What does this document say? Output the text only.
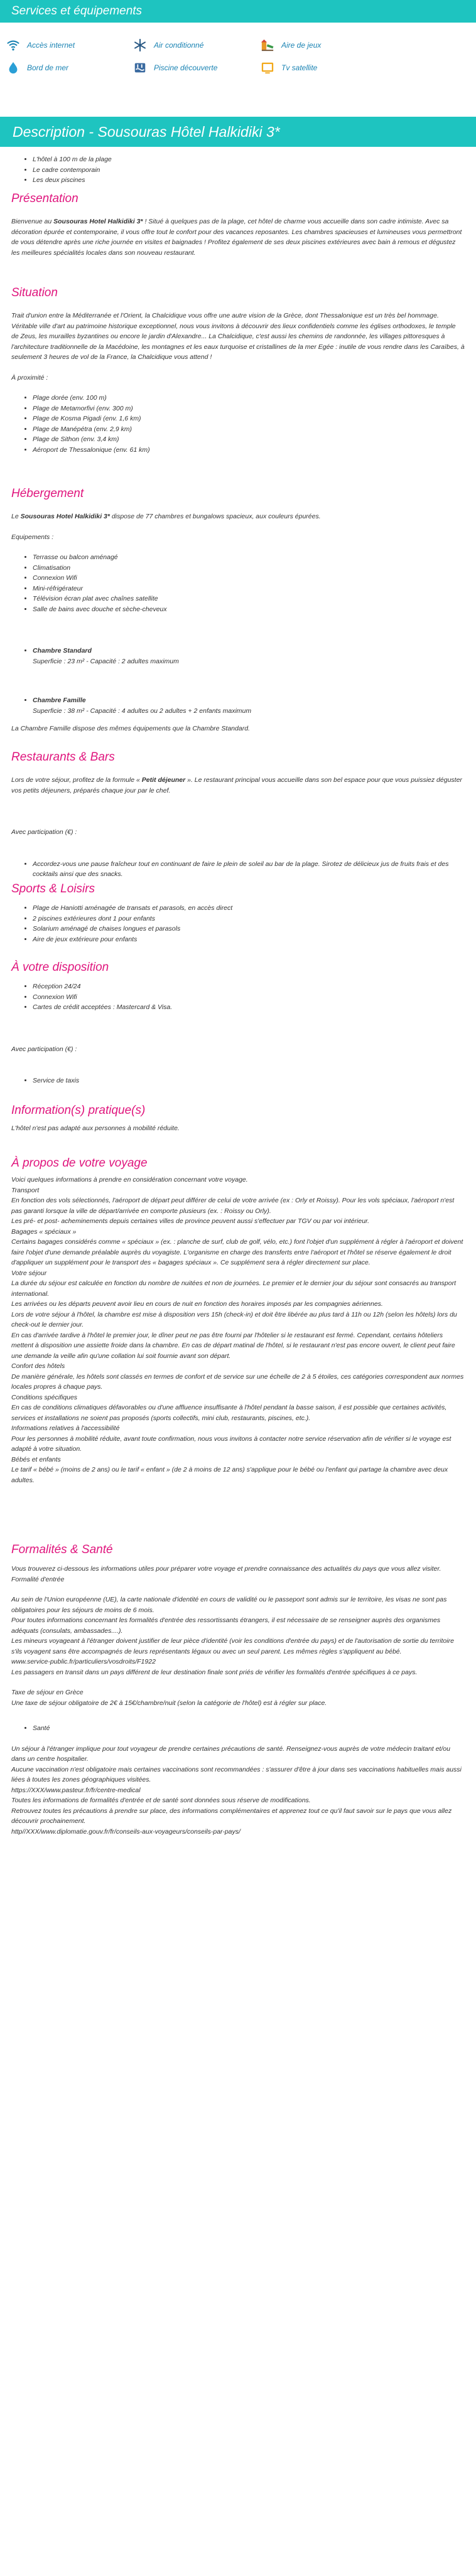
Services et équipements
Accès internet	Air conditionné	Aire de jeux
Bord de mer	Piscine découverte	Tv satellite
Description - Sousouras Hôtel Halkidiki 3*
• L'hôtel à 100 m de la plage
• Le cadre contemporain
• Les deux piscines
Présentation

Bienvenue au Sousouras Hotel Halkidiki 3* ! Situé à quelques pas de la plage, cet hôtel de charme vous accueille dans son cadre intimiste. Avec sa décoration épurée et contemporaine, il vous offre tout le confort pour des vacances reposantes. Les chambres spacieuses et lumineuses vous permettront de vous détendre après une riche journée en visites et baignades ! Profitez également de ses deux piscines extérieures avec bain à remous et dégustez les meilleures spécialités locales dans son nouveau restaurant.

Situation

Trait d'union entre la Méditerranée et l'Orient, la Chalcidique vous offre une autre vision de la Grèce, dont Thessalonique est un très bel hommage. Véritable ville d'art au patrimoine historique exceptionnel, nous vous invitons à découvrir des lieux confidentiels comme les églises orthodoxes, le temple de Zeus, les murailles byzantines ou encore le jardin d'Alexandre... La Chalcidique, c'est aussi les chemins de randonnée, les villages pittoresques à l'architecture traditionnelle de la Macédoine, les montagnes et les eaux turquoise et cristallines de la mer Egée : inutile de vous rendre dans les Caraïbes, à seulement 3 heures de vol de la France, la Chalcidique vous attend !

À proximité :

• Plage dorée (env. 100 m)
• Plage de Metamorfivi (env. 300 m)
• Plage de Kosma Pigadi (env. 1,6 km)
• Plage de Manépétra (env. 2,9 km)
• Plage de Sithon (env. 3,4 km)
• Aéroport de Thessalonique (env. 61 km)
Hébergement

Le Sousouras Hotel Halkidiki 3* dispose de 77 chambres et bungalows spacieux, aux couleurs épurées.

Equipements :

• Terrasse ou balcon aménagé
• Climatisation
• Connexion Wifi
• Mini-réfrigérateur
• Télévision écran plat avec chaînes satellite
• Salle de bains avec douche et sèche-cheveux
• Chambre Standard

Superficie : 23 m² - Capacité : 2 adultes maximum

• Chambre Famille

Superficie : 38 m² - Capacité : 4 adultes ou 2 adultes + 2 enfants maximum

La Chambre Famille dispose des mêmes équipements que la Chambre Standard.

Restaurants & Bars

Lors de votre séjour, profitez de la formule « Petit déjeuner ». Le restaurant principal vous accueille dans son bel espace pour que vous puissiez déguster vos petits déjeuners, préparés chaque jour par le chef.

Avec participation (€) :

• Accordez-vous une pause fraîcheur tout en continuant de faire le plein de soleil au bar de la plage. Sirotez de délicieux jus de fruits frais et des cocktails ainsi que des snacks.
Sports & Loisirs
• Plage de Haniotti aménagée de transats et parasols, en accès direct
• 2 piscines extérieures dont 1 pour enfants
• Solarium aménagé de chaises longues et parasols
• Aire de jeux extérieure pour enfants
À votre disposition
• Réception 24/24
• Connexion Wifi
• Cartes de crédit acceptées : Mastercard & Visa.

Avec participation (€) :

• Service de taxis
Information(s) pratique(s)

L'hôtel n'est pas adapté aux personnes à mobilité réduite.

À propos de votre voyage

Voici quelques informations à prendre en considération concernant votre voyage.

Transport

En fonction des vols sélectionnés, l'aéroport de départ peut différer de celui de votre arrivée (ex : Orly et Roissy). Pour les vols spéciaux, l'aéroport n'est pas garanti lorsque la ville de départ/arrivée en comporte plusieurs (ex. : Roissy ou Orly).

Les pré- et post- acheminements depuis certaines villes de province peuvent aussi s'effectuer par TGV ou par voi intérieur.

Bagages « spéciaux »

Certains bagages considérés comme « spéciaux » (ex. : planche de surf, club de golf, vélo, etc.) font l'objet d'un supplément à régler à l'aéroport et doivent faire l'objet d'une demande préalable auprès du voyagiste. L'organisme en charge des transferts entre l'aéroport et l'hôtel se réserve également le droit d'appliquer un supplément pour le transport des « bagages spéciaux ». Ce supplément sera à régler directement sur place.

Votre séjour

La durée du séjour est calculée en fonction du nombre de nuitées et non de journées. Le premier et le dernier jour du séjour sont consacrés au transport international.

Les arrivées ou les départs peuvent avoir lieu en cours de nuit en fonction des horaires imposés par les compagnies aériennes.

Lors de votre séjour à l'hôtel, la chambre est mise à disposition vers 15h (check-in) et doit être libérée au plus tard à 11h ou 12h (selon les hôtels) lors du check-out le dernier jour.

En cas d'arrivée tardive à l'hôtel le premier jour, le dîner peut ne pas être fourni par l'hôtelier si le restaurant est fermé. Cependant, certains hôteliers mettent à disposition une assiette froide dans la chambre. En cas de départ matinal de l'hôtel, si le restaurant n'est pas encore ouvert, le client peut faire une demande la veille afin qu'une collation lui soit fournie avant son départ.

Confort des hôtels

De manière générale, les hôtels sont classés en termes de confort et de service sur une échelle de 2 à 5 étoiles, ces catégories correspondent aux normes locales propres à chaque pays.

Conditions spécifiques

En cas de conditions climatiques défavorables ou d'une affluence insuffisante à l'hôtel pendant la basse saison, il est possible que certaines activités, services et installations ne soient pas proposés (sports collectifs, mini club, restaurants, piscines, etc.).

Informations relatives à l'accessibilité

Pour les personnes à mobilité réduite, avant toute confirmation, nous vous invitons à contacter notre service réservation afin de vérifier si le voyage est adapté à votre situation.

Bébés et enfants

Le tarif « bébé » (moins de 2 ans) ou le tarif « enfant » (de 2 à moins de 12 ans) s'applique pour le bébé ou l'enfant qui partage la chambre avec deux adultes.

Formalités & Santé

Vous trouverez ci-dessous les informations utiles pour préparer votre voyage et prendre connaissance des actualités du pays que vous allez visiter.

Formalité d'entrée

Au sein de l'Union européenne (UE), la carte nationale d'identité en cours de validité ou le passeport sont admis sur le territoire, les visas ne sont pas obligatoires pour les séjours de moins de 6 mois.

Pour toutes informations concernant les formalités d'entrée des ressortissants étrangers, il est nécessaire de se renseigner auprès des organismes adéquats (consulats, ambassades....).

Les mineurs voyageant à l'étranger doivent justifier de leur pièce d'identité (voir les conditions d'entrée du pays) et de l'autorisation de sortie du territoire s'ils voyagent sans être accompagnés de leurs représentants légaux ou avec un seul parent. Les mêmes règles s'appliquent au bébé.

www.service-public.fr/particuliers/vosdroits/F1922

Les passagers en transit dans un pays différent de leur destination finale sont priés de vérifier les formalités d'entrée spécifiques à ce pays.

Taxe de séjour en Grèce

Une taxe de séjour obligatoire de 2€ à 15€/chambre/nuit (selon la catégorie de l'hôtel) est à régler sur place.

• Santé

Un séjour à l'étranger implique pour tout voyageur de prendre certaines précautions de santé. Renseignez-vous auprès de votre médecin traitant et/ou dans un centre hospitalier.

Aucune vaccination n'est obligatoire mais certaines vaccinations sont recommandées : s'assurer d'être à jour dans ses vaccinations habituelles mais aussi liées à toutes les zones géographiques visitées.

https://XXX/www.pasteur.fr/fr/centre-medical

Toutes les informations de formalités d'entrée et de santé sont données sous réserve de modifications.

Retrouvez toutes les précautions à prendre sur place, des informations complémentaires et apprenez tout ce qu'il faut savoir sur le pays que vous allez découvrir prochainement.

http//XXX/www.diplomatie.gouv.fr/fr/conseils-aux-voyageurs/conseils-par-pays/
